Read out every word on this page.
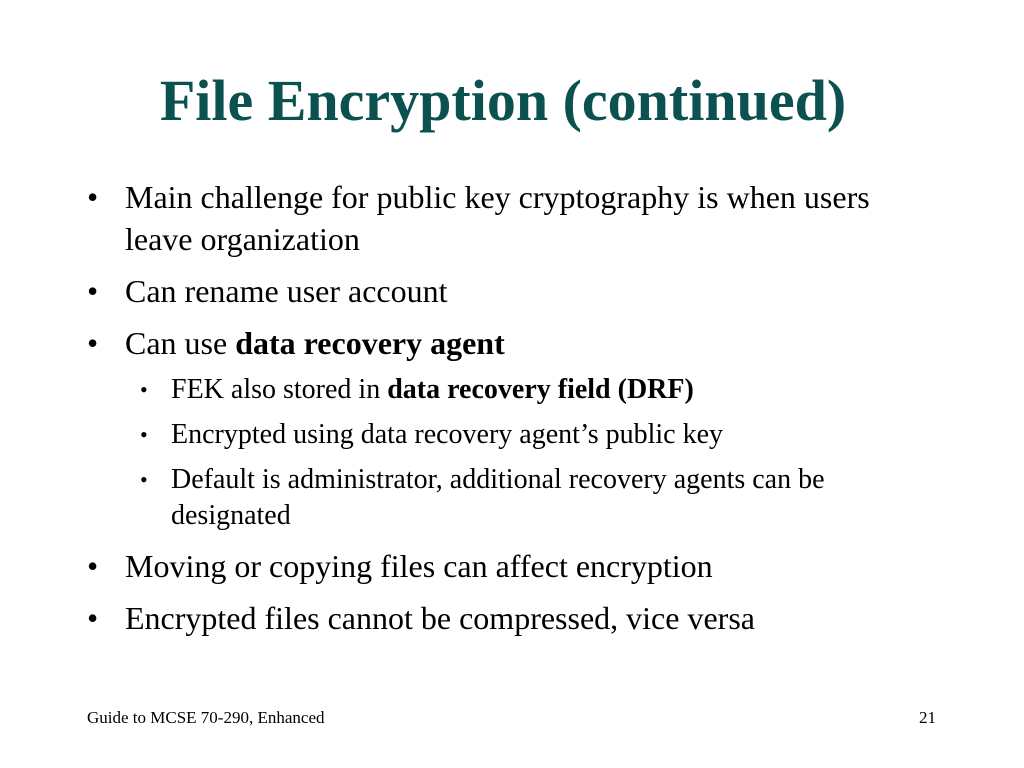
File Encryption (continued)
• Main challenge for public key cryptography is when users leave organization
• Can rename user account
• Can use data recovery agent
• FEK also stored in data recovery field (DRF)
• Encrypted using data recovery agent’s public key
• Default is administrator, additional recovery agents can be designated
• Moving or copying files can affect encryption
• Encrypted files cannot be compressed, vice versa
Guide to MCSE 70-290, Enhanced	21
